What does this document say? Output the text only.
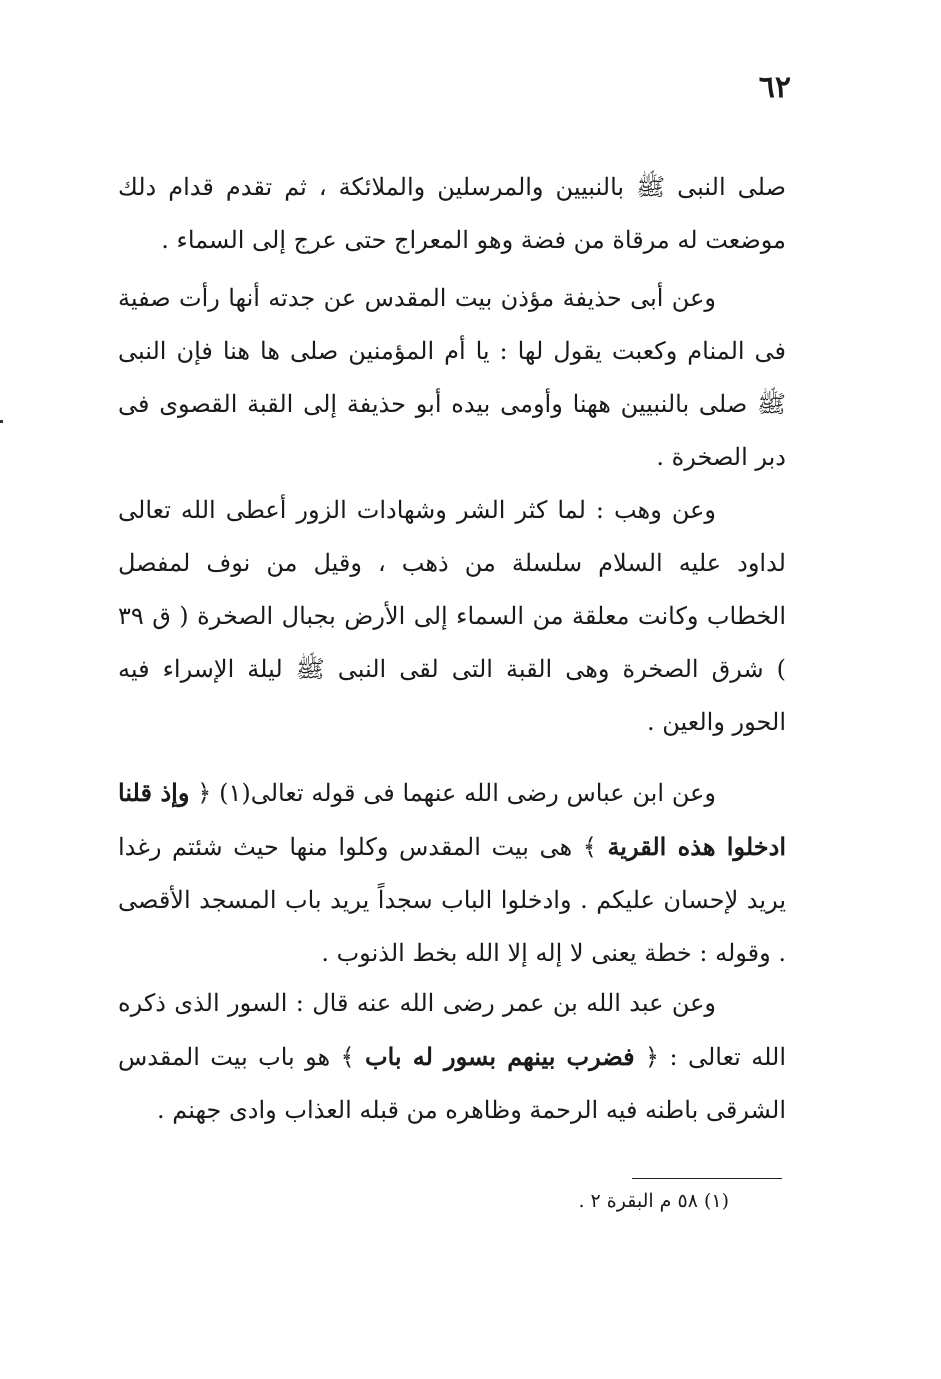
٦٢

صلى النبى ﷺ بالنبيين والمرسلين والملائكة ، ثم تقدم قدام دلك موضعت له مرقاة من فضة وهو المعراج حتى عرج إلى السماء .

وعن أبى حذيفة مؤذن بيت المقدس عن جدته أنها رأت صفية فى المنام وكعبت يقول لها : يا أم المؤمنين صلى ها هنا فإن النبى ﷺ صلى بالنبيين ههنا وأومى بيده أبو حذيفة إلى القبة القصوى فى دبر الصخرة .

وعن وهب : لما كثر الشر وشهادات الزور أعطى الله تعالى لداود عليه السلام سلسلة من ذهب ، وقيل من نوف لمفصل الخطاب وكانت معلقة من السماء إلى الأرض بجبال الصخرة ( ق ٣٩ ) شرق الصخرة وهى القبة التى لقى النبى ﷺ ليلة الإسراء فيه الحور والعين .

وعن ابن عباس رضى الله عنهما فى قوله تعالى(١) ﴿ وإذ قلنا ادخلوا هذه القرية ﴾ هى بيت المقدس وكلوا منها حيث شئتم رغدا يريد لإحسان عليكم . وادخلوا الباب سجداً يريد باب المسجد الأقصى . وقوله : خطة يعنى لا إله إلا الله بخط الذنوب .

وعن عبد الله بن عمر رضى الله عنه قال : السور الذى ذكره الله تعالى : ﴿ فضرب بينهم بسور له باب ﴾ هو باب بيت المقدس الشرقى باطنه فيه الرحمة وظاهره من قبله العذاب وادى جهنم .

(١) ٥٨ م البقرة ٢ .
